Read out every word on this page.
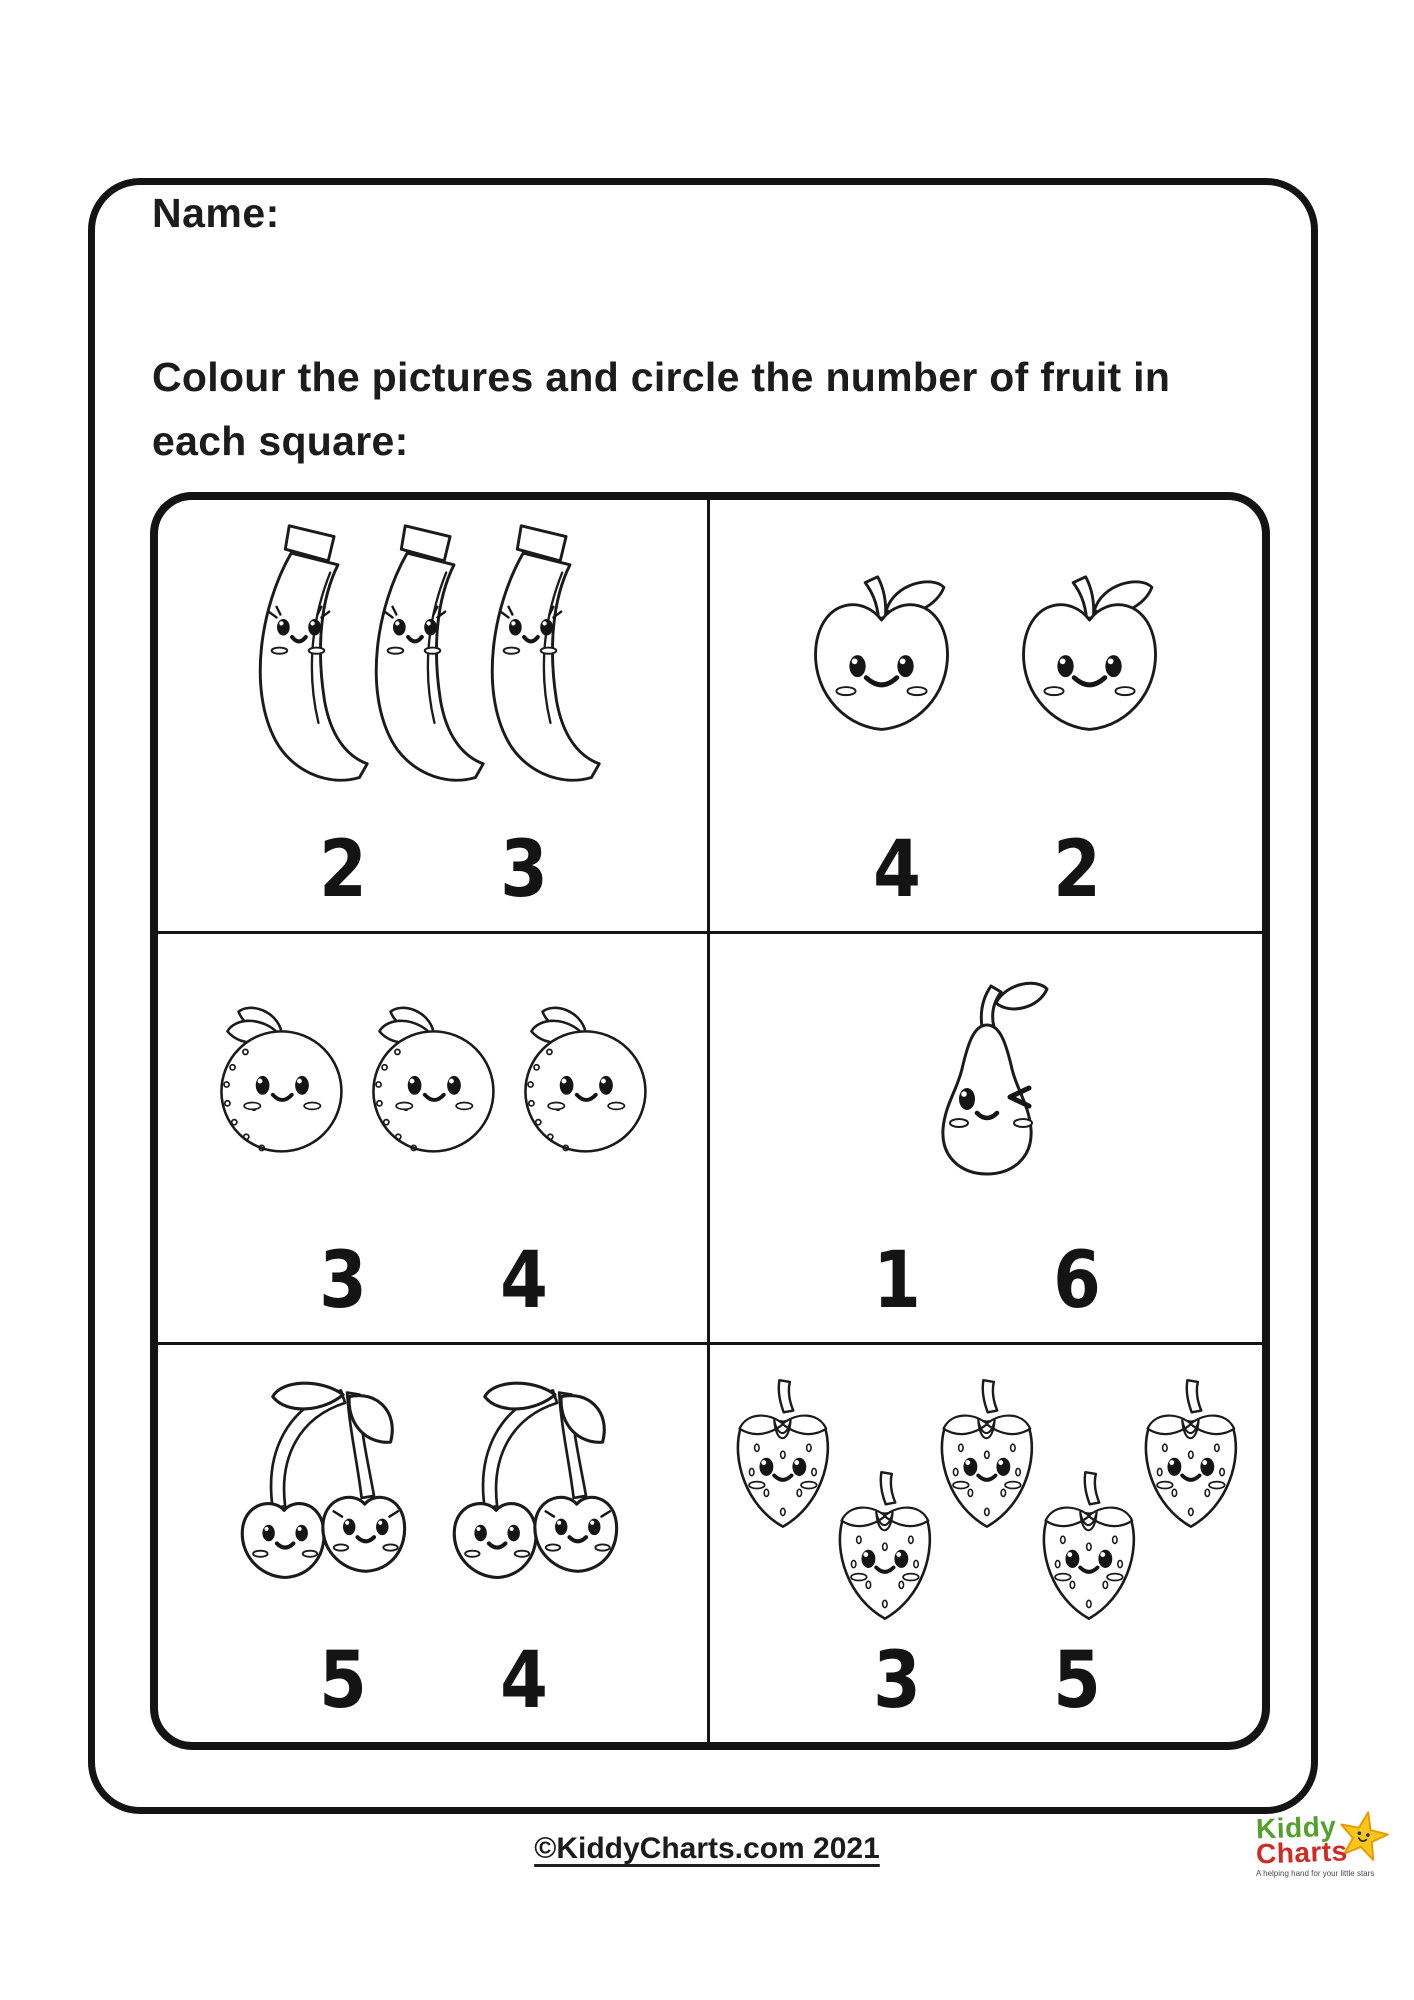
Name:
Colour the pictures and circle the number of fruit in
each square:
2 3	4 2
3 4	1 6
5 4	3 5
©KiddyCharts.com 2021
Kiddy
Charts
A helping hand for your little stars
